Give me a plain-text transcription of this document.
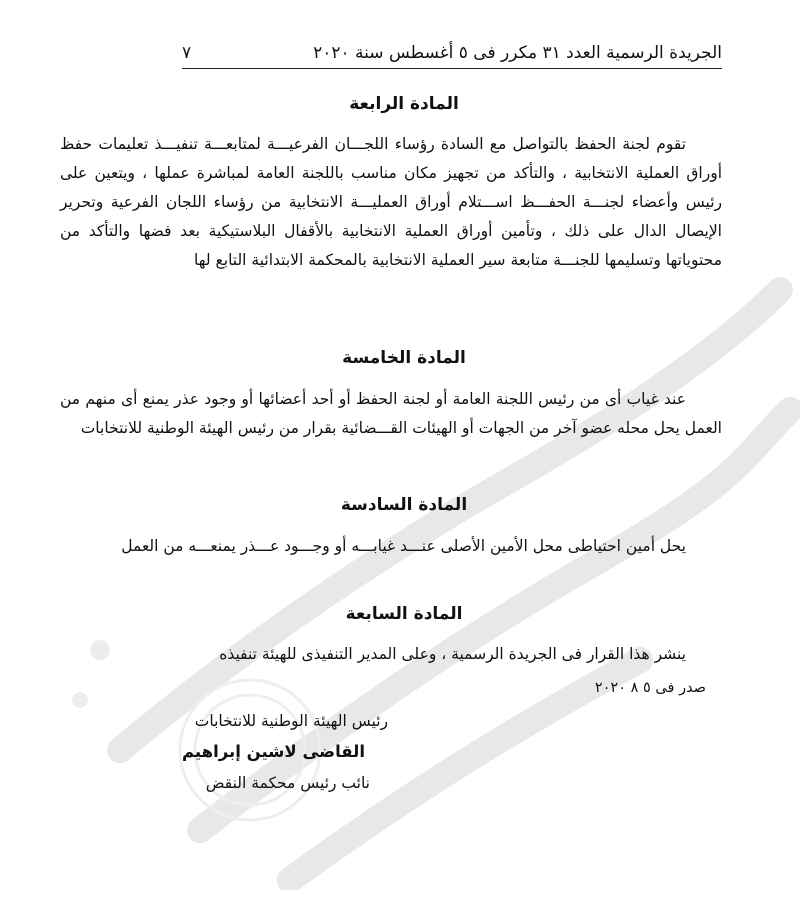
الجريدة الرسمية العدد ٣١ مكرر فى ٥ أغسطس سنة ٢٠٢٠
٧
المادة الرابعة
تقوم لجنة الحفظ بالتواصل مع السادة رؤساء اللجـــان الفرعيـــة لمتابعـــة تنفيـــذ تعليمات حفظ أوراق العملية الانتخابية ، والتأكد من تجهيز مكان مناسب باللجنة العامة لمباشرة عملها ، ويتعين على رئيس وأعضاء لجنـــة الحفـــظ اســـتلام أوراق العمليـــة الانتخابية من رؤساء اللجان الفرعية وتحرير الإيصال الدال على ذلك ، وتأمين أوراق العملية الانتخابية بالأقفال البلاستيكية بعد فضها والتأكد من محتوياتها وتسليمها للجنـــة متابعة سير العملية الانتخابية بالمحكمة الابتدائية التابع لها
المادة الخامسة
عند غياب أى من رئيس اللجنة العامة أو لجنة الحفظ أو أحد أعضائها أو وجود عذر يمنع أى منهم من العمل يحل محله عضو آخر من الجهات أو الهيئات القـــضائية بقرار من رئيس الهيئة الوطنية للانتخابات
المادة السادسة
يحل أمين احتياطى محل الأمين الأصلى عنـــد غيابـــه أو وجـــود عـــذر يمنعـــه من العمل
المادة السابعة
ينشر هذا القرار فى الجريدة الرسمية ، وعلى المدير التنفيذى للهيئة تنفيذه
صدر فى ٥ ٨ ٢٠٢٠
رئيس الهيئة الوطنية للانتخابات
القاضى لاشين إبراهيم
نائب رئيس محكمة النقض
